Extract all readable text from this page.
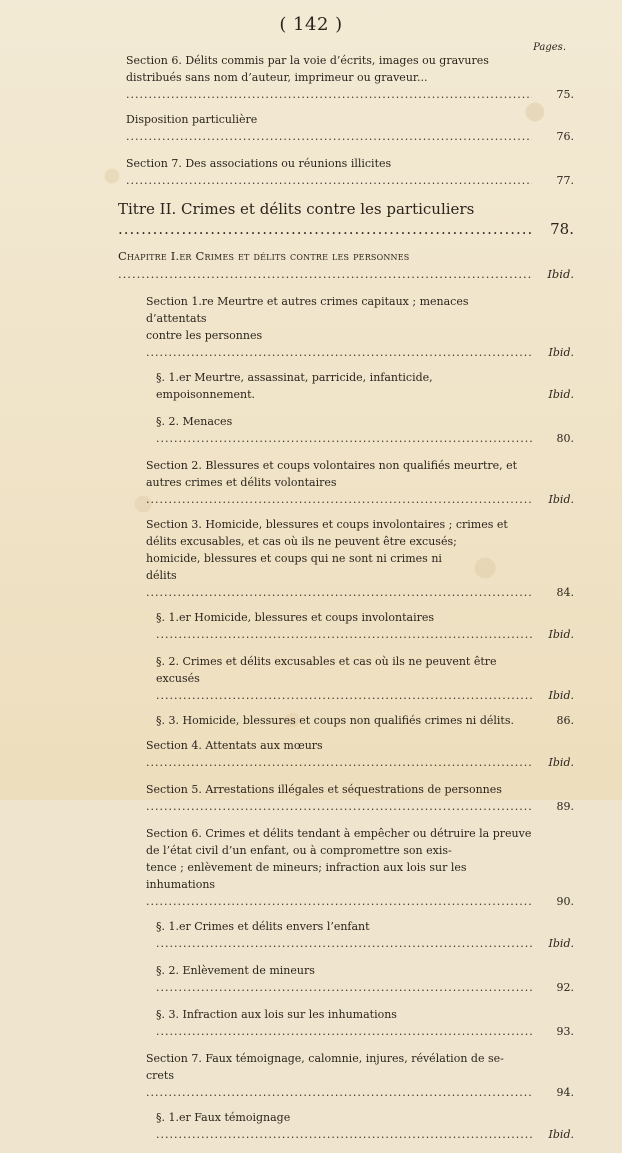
( 142 )
Pages.
Section 6. Délits commis par la voie d’écrits, images ou gravures
distribués sans nom d’auteur, imprimeur ou graveur... .....
75.
Disposition particulière .....
76.
Section 7. Des associations ou réunions illicites .....
77.
Titre II. Crimes et délits contre les particuliers .....
78.
Chapitre I.er Crimes et délits contre les personnes .....
Ibid.
Section 1.re Meurtre et autres crimes capitaux ; menaces d’attentats
contre les personnes .....
Ibid.
§. 1.er Meurtre, assassinat, parricide, infanticide, empoisonnement.	Ibid.
§. 2. Menaces .....
80.
Section 2. Blessures et coups volontaires non qualifiés meurtre, et
autres crimes et délits volontaires .....
Ibid.
Section 3. Homicide, blessures et coups involontaires ; crimes et
délits excusables, et cas où ils ne peuvent être excusés;
homicide, blessures et coups qui ne sont ni crimes ni
délits .....
84.
§. 1.er Homicide, blessures et coups involontaires .....
Ibid.
§. 2. Crimes et délits excusables et cas où ils ne peuvent être
excusés .....
Ibid.
§. 3. Homicide, blessures et coups non qualifiés crimes ni délits.	86.
Section 4. Attentats aux mœurs .....
Ibid.
Section 5. Arrestations illégales et séquestrations de personnes .....
89.
Section 6. Crimes et délits tendant à empêcher ou détruire la preuve
de l’état civil d’un enfant, ou à compromettre son exis-
tence ; enlèvement de mineurs; infraction aux lois sur les
inhumations .....
90.
§. 1.er Crimes et délits envers l’enfant .....
Ibid.
§. 2. Enlèvement de mineurs .....
92.
§. 3. Infraction aux lois sur les inhumations .....
93.
Section 7. Faux témoignage, calomnie, injures, révélation de se-
crets .....
94.
§. 1.er Faux témoignage .....
Ibid.
